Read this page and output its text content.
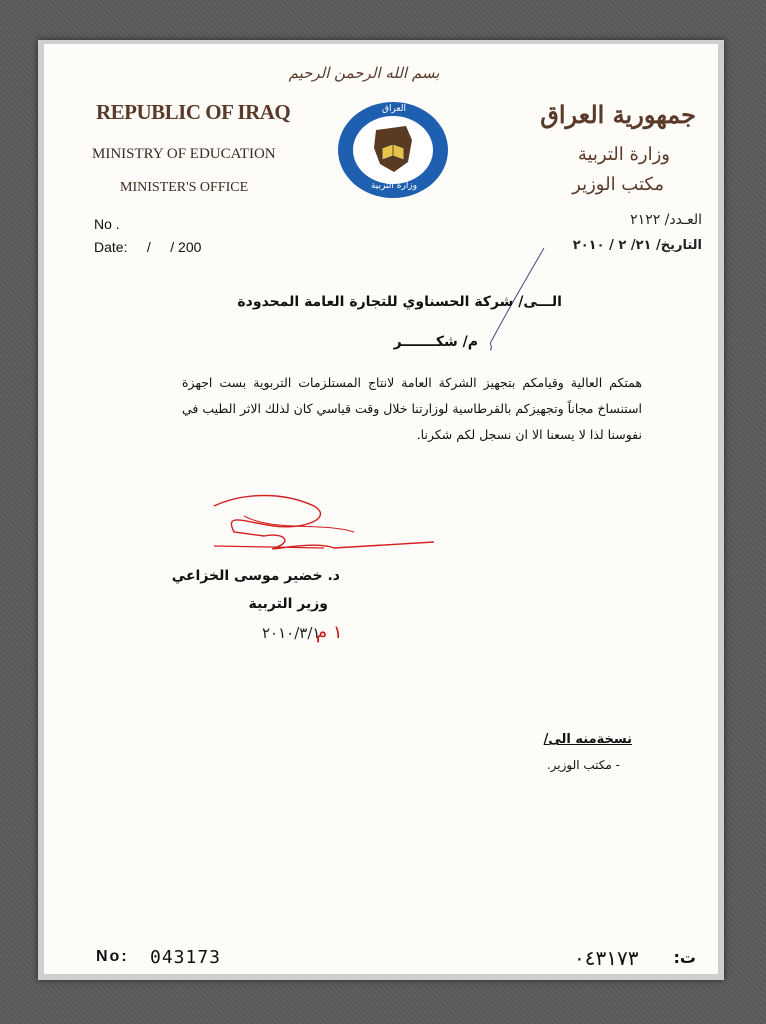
بسم الله الرحمن الرحيم
REPUBLIC OF IRAQ
MINISTRY OF EDUCATION
MINISTER'S OFFICE
No .
Date:     /     / 200
العراق
وزارة التربية
جمهورية العراق
وزارة التربية
مكتب الوزير
العـدد/ ٢١٢٢
التاريخ/ ٢١/ ٢ / ٢٠١٠
الـــى/ شركة الحسناوي للتجارة العامة المحدودة
م/ شكـــــــر
همتكم العالية وقيامكم بتجهيز الشركة العامة لانتاج المستلزمات التربوية بست اجهزة استنساخ مجاناً وتجهيزكم بالقرطاسية لوزارتنا خلال وقت قياسي كان لذلك الاثر الطيب في نفوسنا لذا لا يسعنا الا ان نسجل لكم شكرنا.
د. خضير موسى الخزاعي
وزير التربية
٢٠١٠/٣/١
١ م
نسخةمنه الى/
- مكتب الوزير.
No: 043173	٠٤٣١٧٣	ت:
